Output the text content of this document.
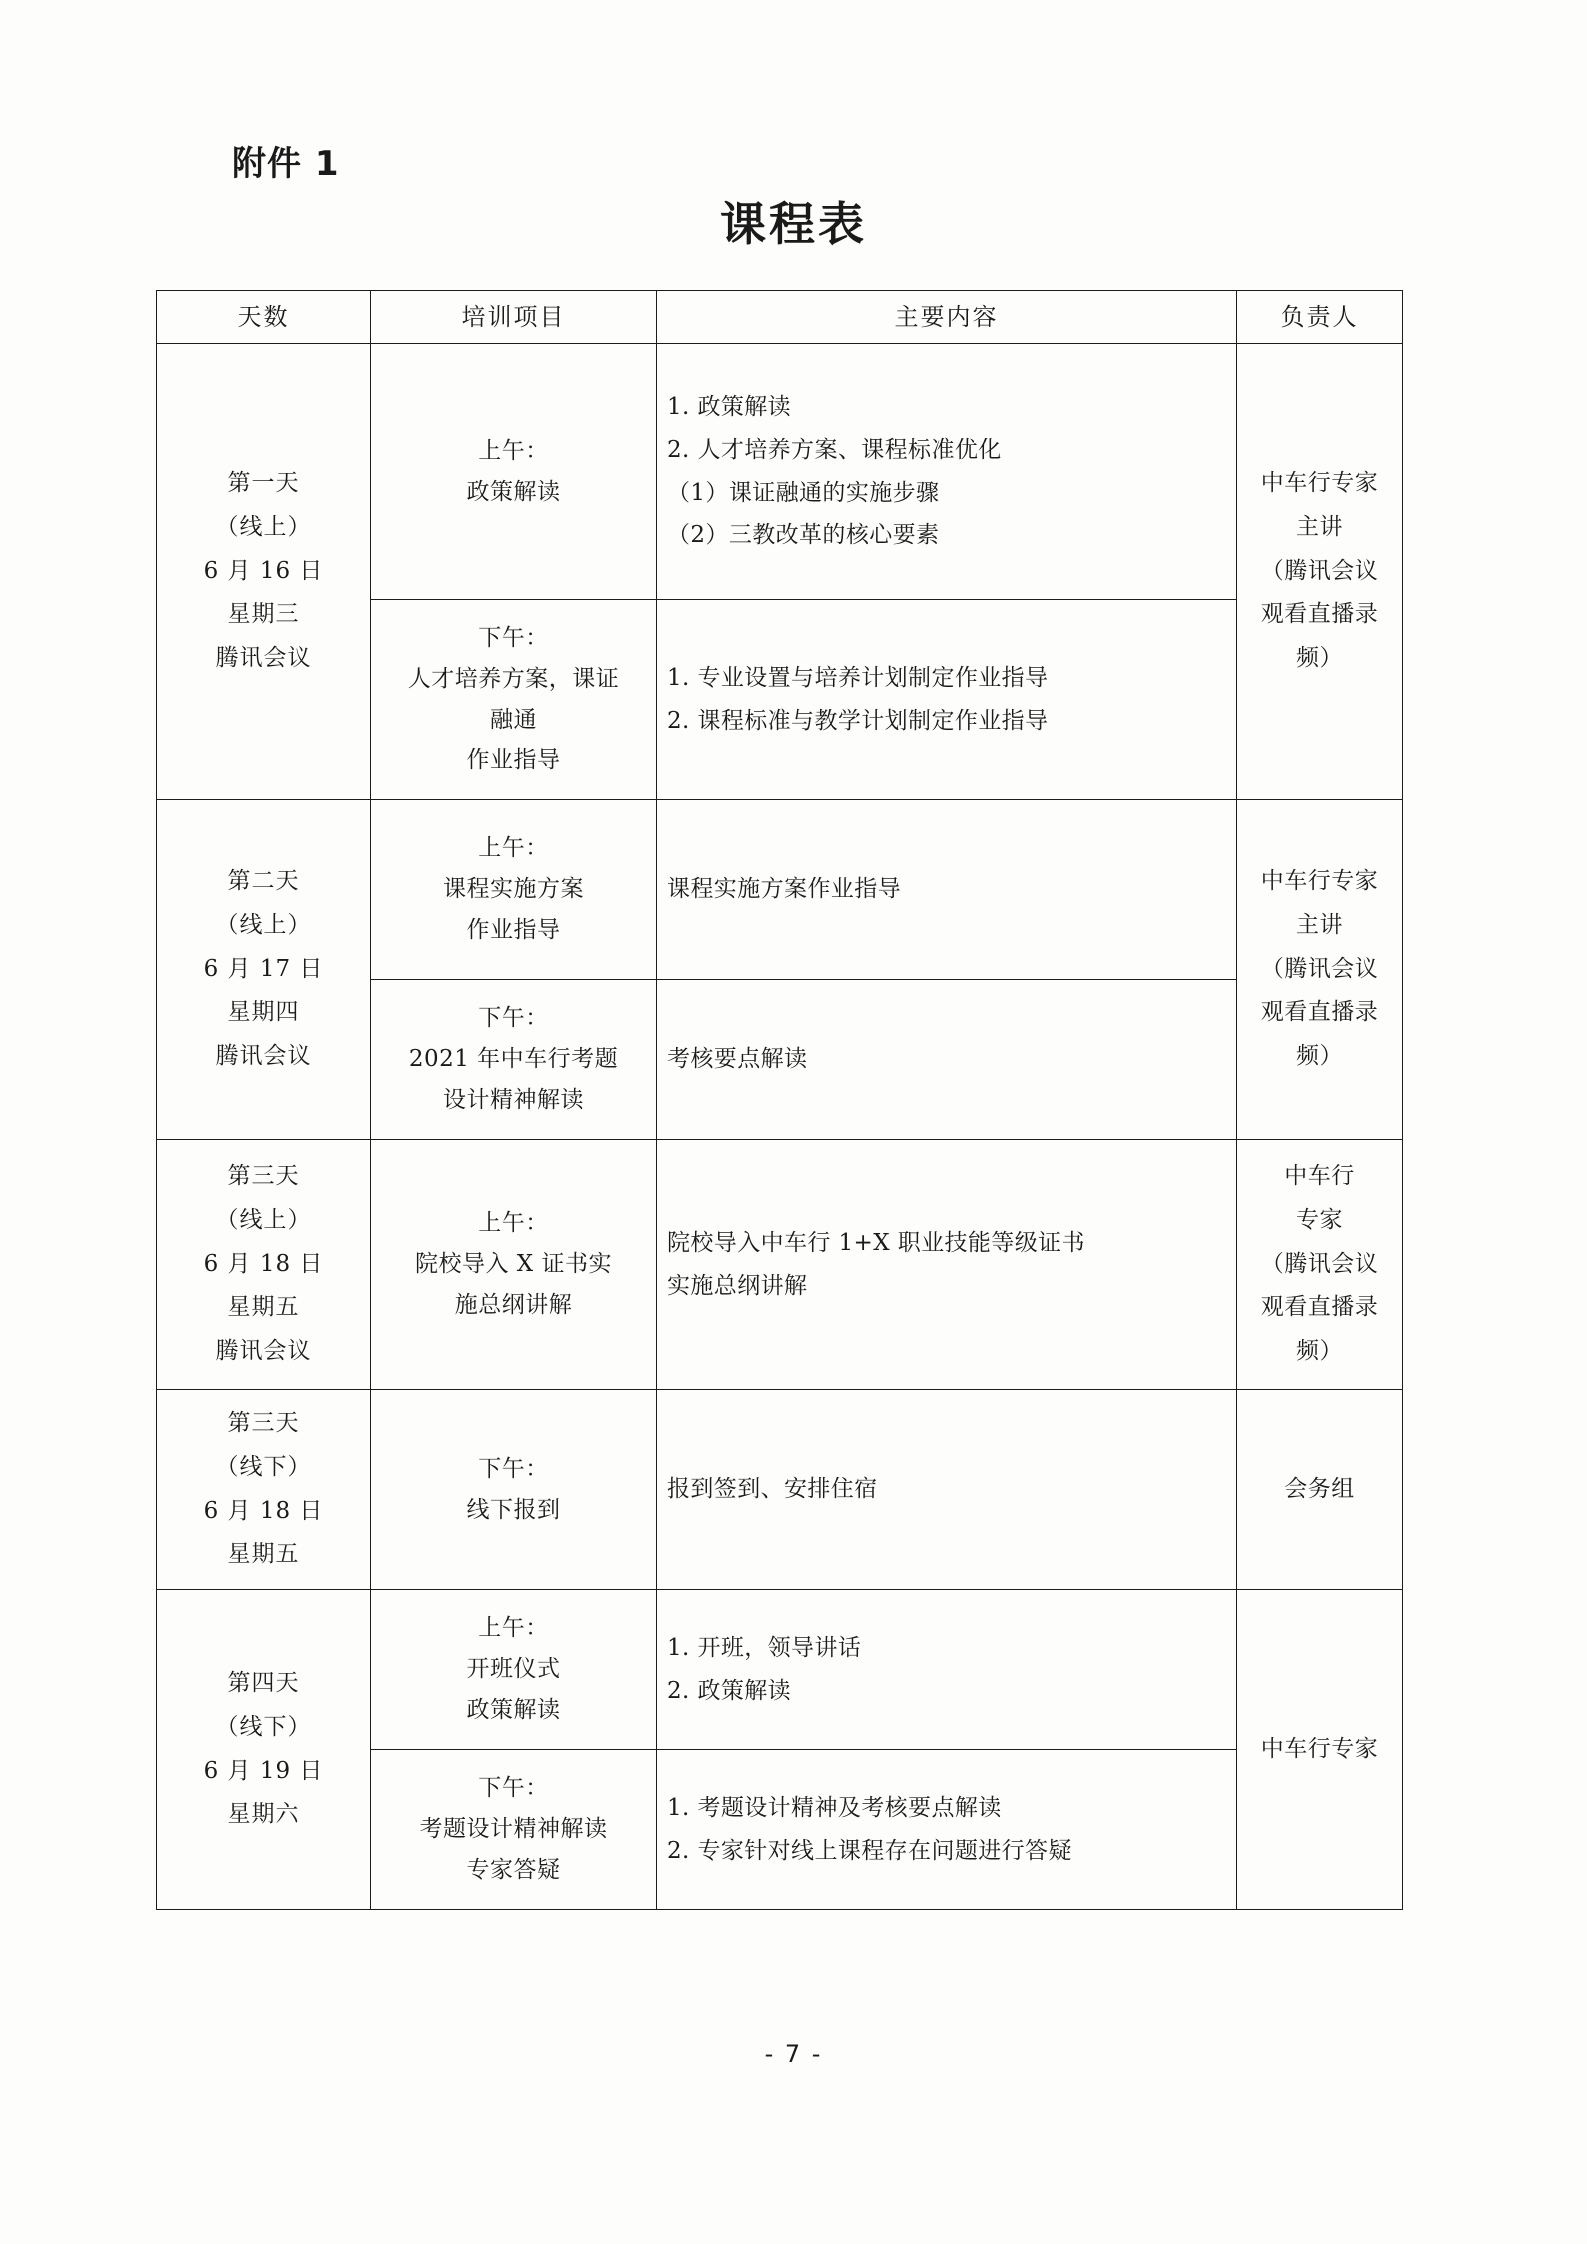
附件 1
课程表
天数	培训项目	主要内容	负责人

第一天
（线上）
6 月 16 日
星期三
腾讯会议	上午：
政策解读	1. 政策解读
2. 人才培养方案、课程标准优化
（1）课证融通的实施步骤
（2）三教改革的核心要素	中车行专家
主讲
（腾讯会议
观看直播录
频）

	下午：
人才培养方案，课证
融通
作业指导	1. 专业设置与培养计划制定作业指导
2. 课程标准与教学计划制定作业指导	

第二天
（线上）
6 月 17 日
星期四
腾讯会议	上午：
课程实施方案
作业指导	课程实施方案作业指导	中车行专家
主讲
（腾讯会议
观看直播录
频）

	下午：
2021 年中车行考题
设计精神解读	考核要点解读	

第三天
（线上）
6 月 18 日
星期五
腾讯会议	上午：
院校导入 X 证书实
施总纲讲解	院校导入中车行 1+X 职业技能等级证书
实施总纲讲解	中车行
专家
（腾讯会议
观看直播录
频）

第三天
（线下）
6 月 18 日
星期五	下午：
线下报到	报到签到、安排住宿	会务组

第四天
（线下）
6 月 19 日
星期六	上午：
开班仪式
政策解读	1. 开班，领导讲话
2. 政策解读	中车行专家

	下午：
考题设计精神解读
专家答疑	1. 考题设计精神及考核要点解读
2. 专家针对线上课程存在问题进行答疑	
- 7 -
